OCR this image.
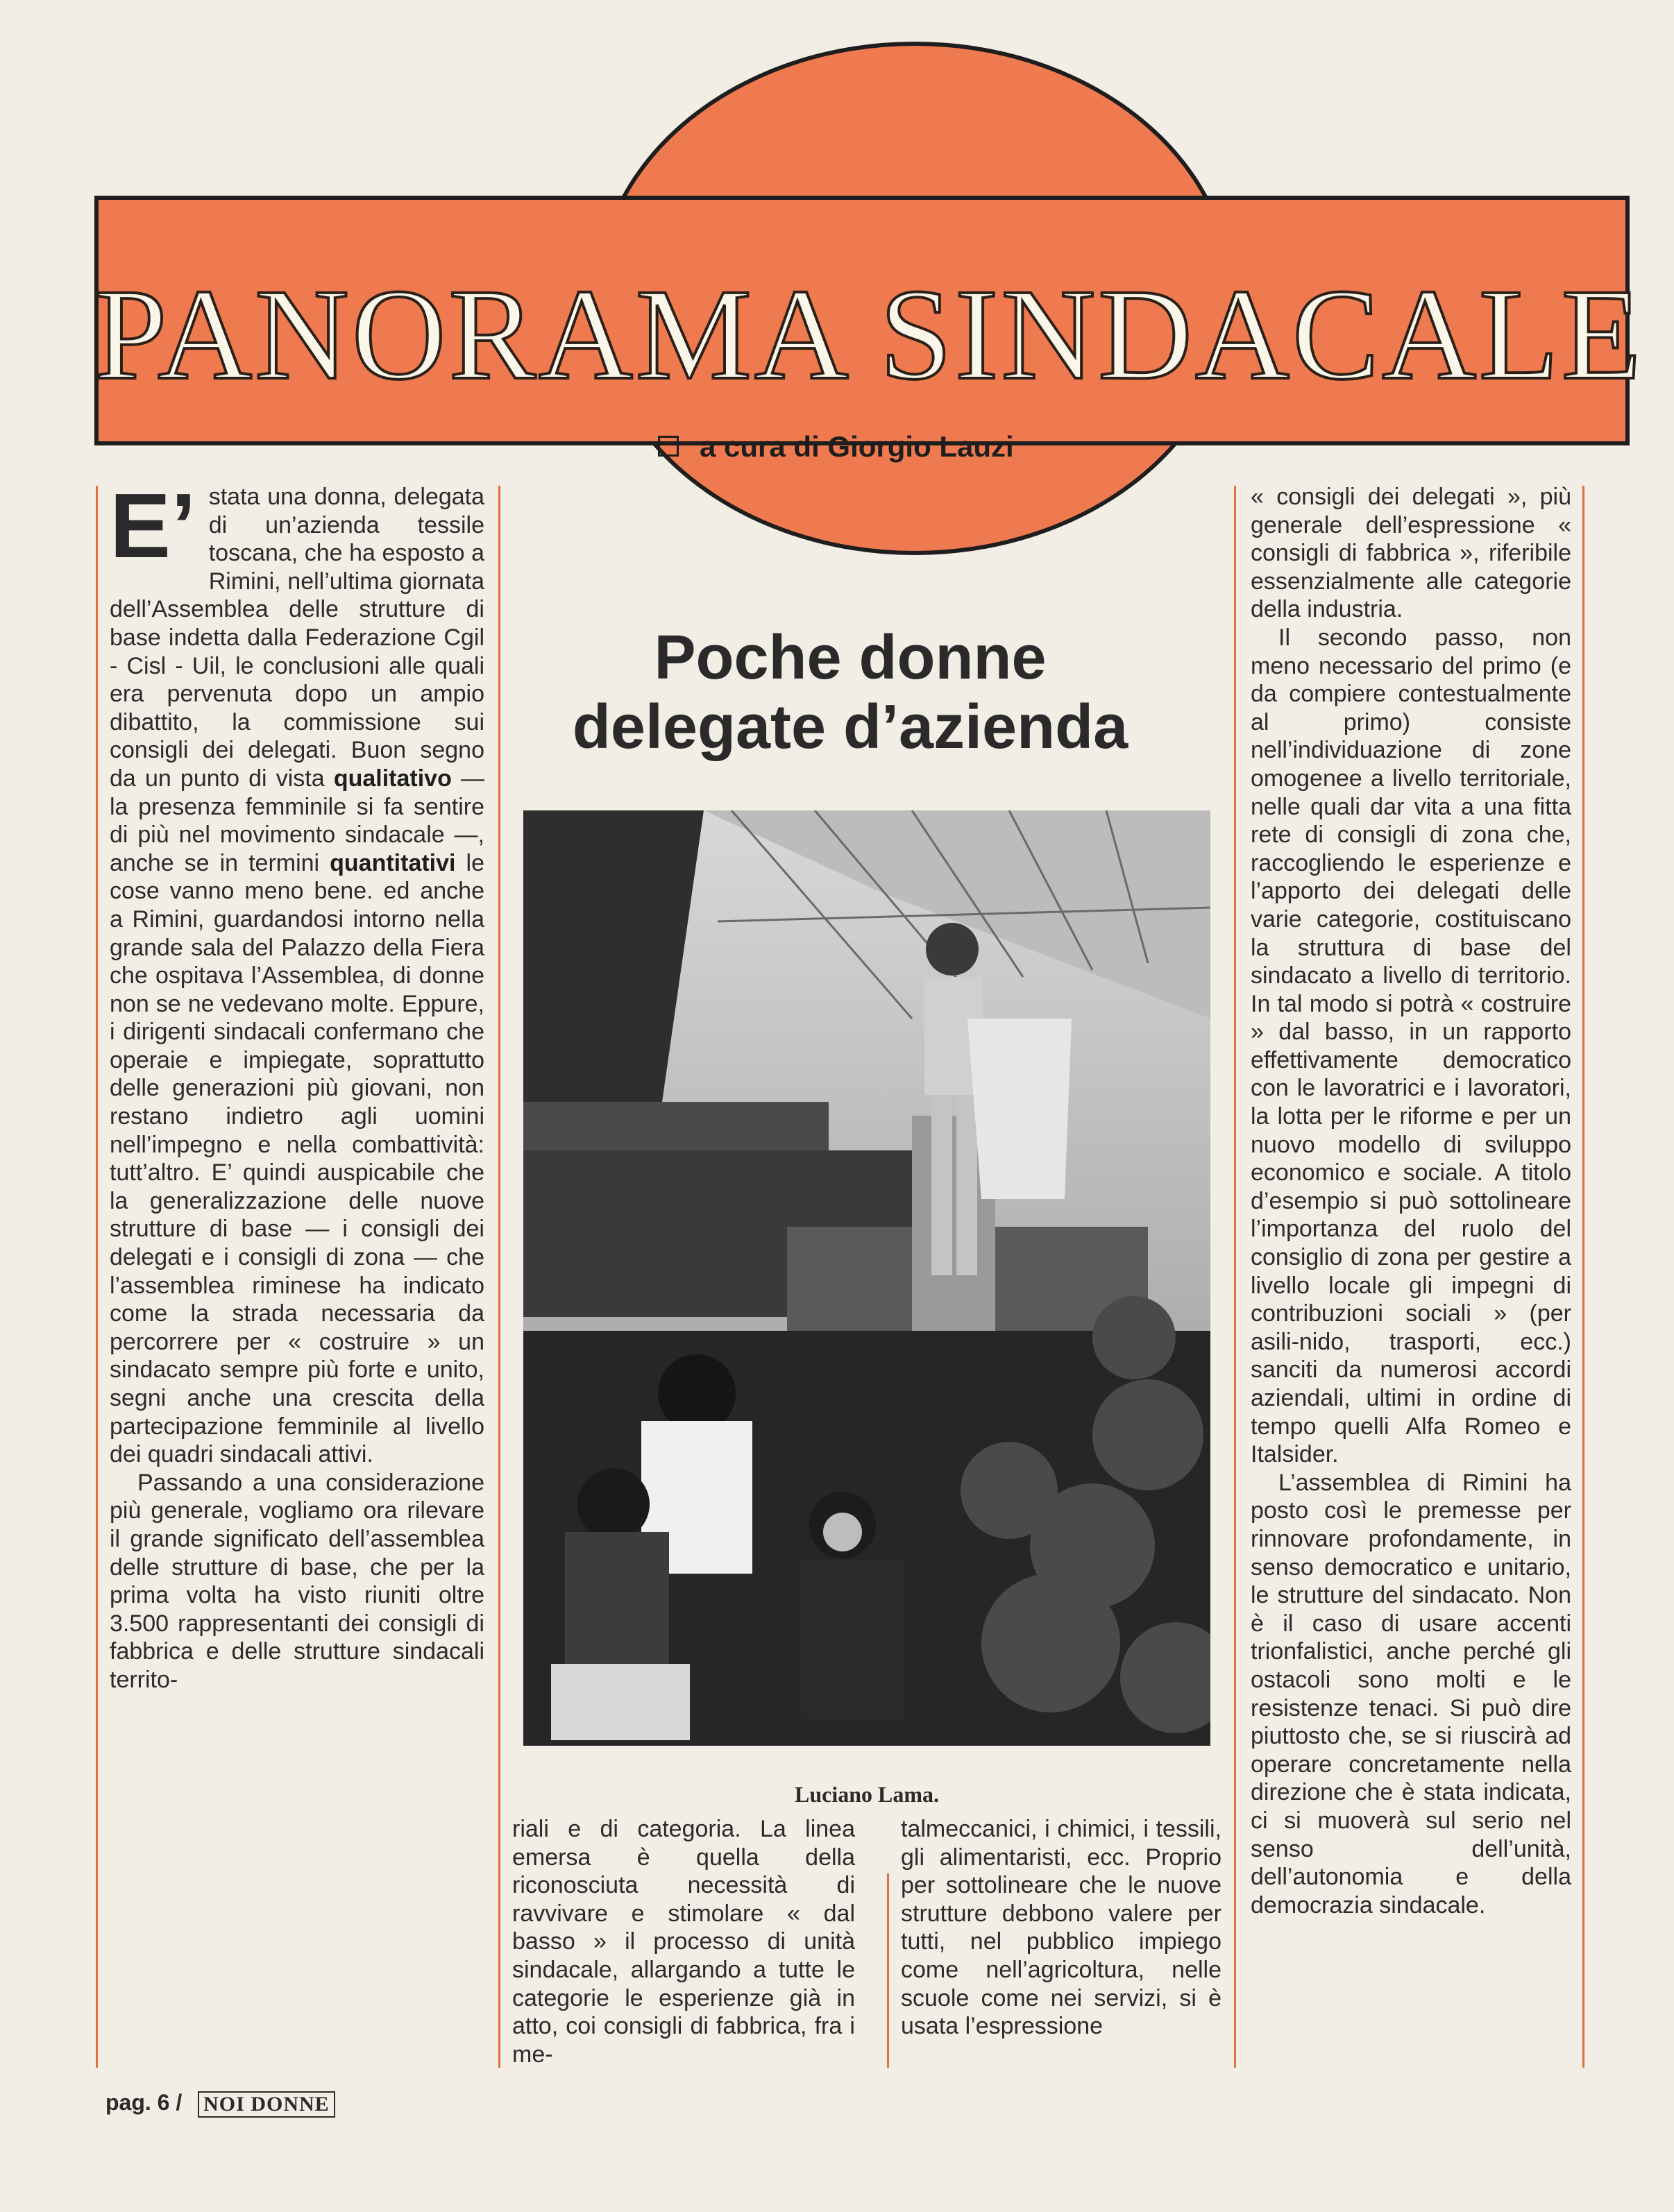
PANORAMA SINDACALE
a cura di Giorgio Lauzi

E’ stata una donna, delegata di un’azienda tessile toscana, che ha esposto a Rimini, nell’ultima giornata dell’Assemblea delle strutture di base indetta dalla Federazione Cgil - Cisl - Uil, le conclusioni alle quali era pervenuta dopo un ampio dibattito, la commissione sui consigli dei delegati. Buon segno da un punto di vista qualitativo — la presenza femminile si fa sentire di più nel movimento sindacale —, anche se in termini quantitativi le cose vanno meno bene. ed anche a Rimini, guardandosi intorno nella grande sala del Palazzo della Fiera che ospitava l’Assemblea, di donne non se ne vedevano molte. Eppure, i dirigenti sindacali confermano che operaie e impiegate, soprattutto delle generazioni più giovani, non restano indietro agli uomini nell’impegno e nella combattività: tutt’altro. E’ quindi auspicabile che la generalizzazione delle nuove strutture di base — i consigli dei delegati e i consigli di zona — che l’assemblea riminese ha indicato come la strada necessaria da percorrere per « costruire » un sindacato sempre più forte e unito, segni anche una crescita della partecipazione femminile al livello dei quadri sindacali attivi.

Passando a una considerazione più generale, vogliamo ora rilevare il grande significato dell’assemblea delle strutture di base, che per la prima volta ha visto riuniti oltre 3.500 rappresentanti dei consigli di fabbrica e delle strutture sindacali territo-

Poche donne
delegate d’azienda
Luciano Lama.

riali e di categoria. La linea emersa è quella della riconosciuta necessità di ravvivare e stimolare « dal basso » il processo di unità sindacale, allargando a tutte le categorie le esperienze già in atto, coi consigli di fabbrica, fra i me-

talmeccanici, i chimici, i tessili, gli alimentaristi, ecc. Proprio per sottolineare che le nuove strutture debbono valere per tutti, nel pubblico impiego come nell’agricoltura, nelle scuole come nei servizi, si è usata l’espressione

« consigli dei delegati », più generale dell’espressione « consigli di fabbrica », riferibile essenzialmente alle categorie della industria.

Il secondo passo, non meno necessario del primo (e da compiere contestualmente al primo) consiste nell’individuazione di zone omogenee a livello territoriale, nelle quali dar vita a una fitta rete di consigli di zona che, raccogliendo le esperienze e l’apporto dei delegati delle varie categorie, costituiscano la struttura di base del sindacato a livello di territorio. In tal modo si potrà « costruire » dal basso, in un rapporto effettivamente democratico con le lavoratrici e i lavoratori, la lotta per le riforme e per un nuovo modello di sviluppo economico e sociale. A titolo d’esempio si può sottolineare l’importanza del ruolo del consiglio di zona per gestire a livello locale gli impegni di contribuzioni sociali » (per asili-nido, trasporti, ecc.) sanciti da numerosi accordi aziendali, ultimi in ordine di tempo quelli Alfa Romeo e Italsider.

L’assemblea di Rimini ha posto così le premesse per rinnovare profondamente, in senso democratico e unitario, le strutture del sindacato. Non è il caso di usare accenti trionfalistici, anche perché gli ostacoli sono molti e le resistenze tenaci. Si può dire piuttosto che, se si riuscirà ad operare concretamente nella direzione che è stata indicata, ci si muoverà sul serio nel senso dell’unità, dell’autonomia e della democrazia sindacale.

pag. 6 / NOI DONNE
